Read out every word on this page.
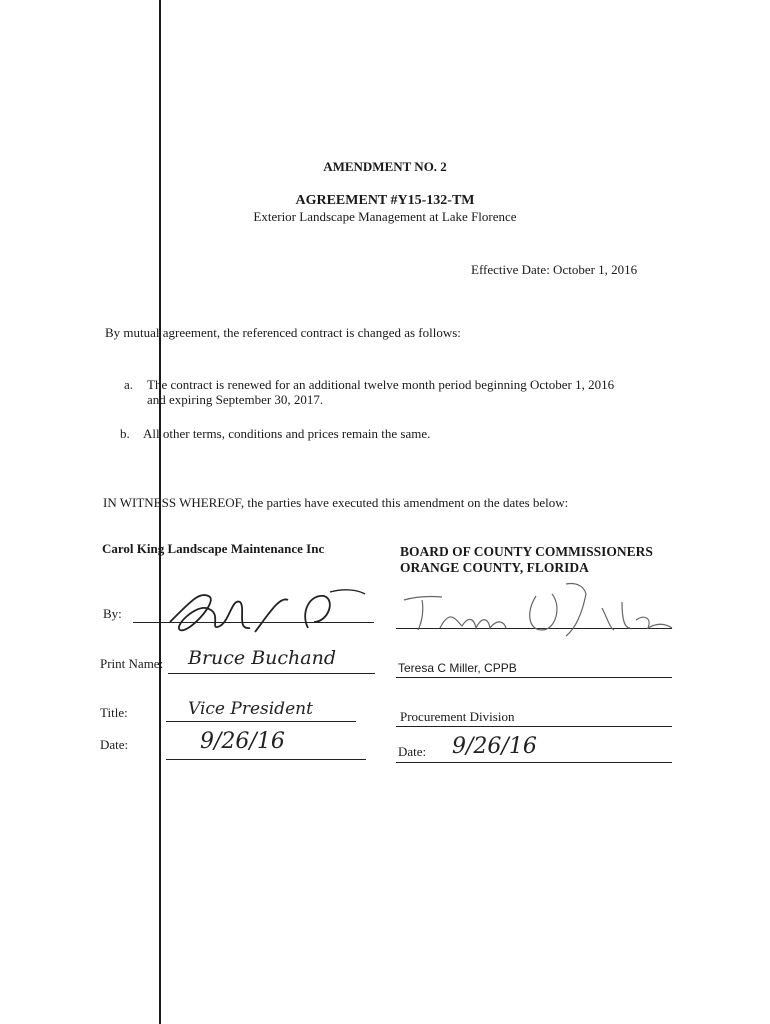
AMENDMENT NO. 2
AGREEMENT #Y15-132-TM
Exterior Landscape Management at Lake Florence
Effective Date: October 1, 2016
By mutual agreement, the referenced contract is changed as follows:
a. The contract is renewed for an additional twelve month period beginning October 1, 2016
and expiring September 30, 2017.
b. All other terms, conditions and prices remain the same.
IN WITNESS WHEREOF, the parties have executed this amendment on the dates below:
Carol King Landscape Maintenance Inc	BOARD OF COUNTY COMMISSIONERS
ORANGE COUNTY, FLORIDA
By:
Print Name: Bruce Buchand	Teresa C Miller, CPPB
Title:	Vice President	Procurement Division
Date:	9/26/16	Date: 9/26/16
